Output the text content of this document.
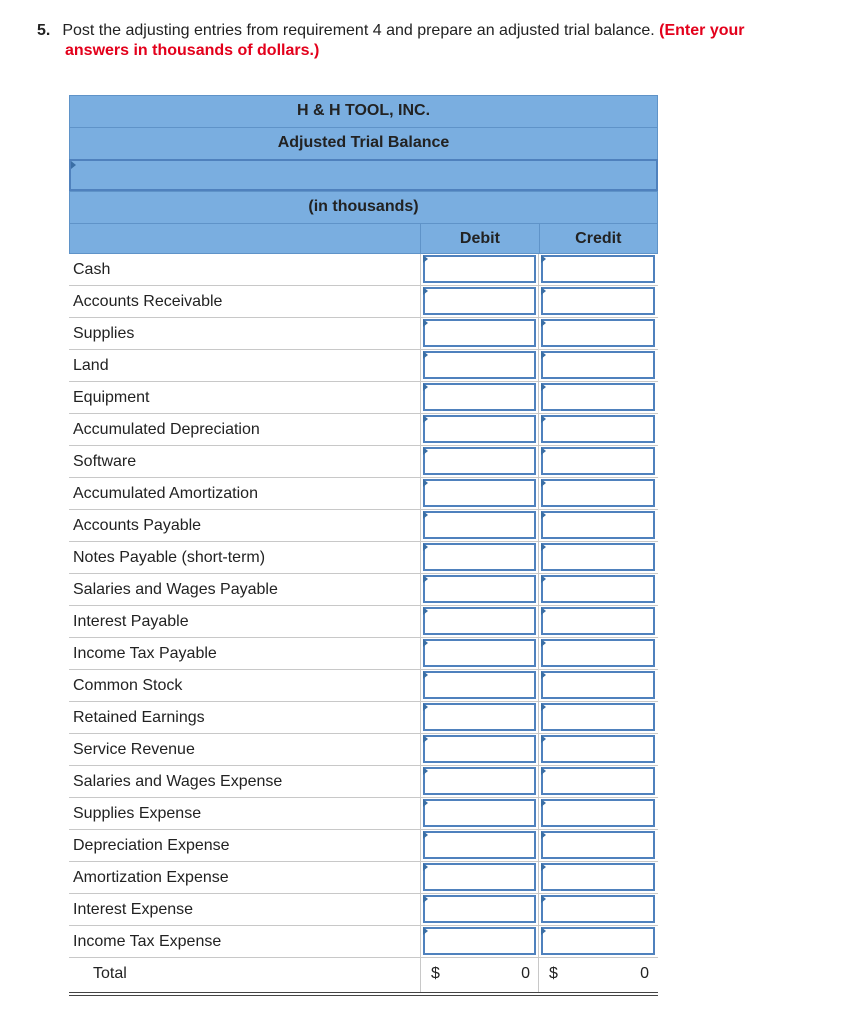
5. Post the adjusting entries from requirement 4 and prepare an adjusted trial balance. (Enter your
answers in thousands of dollars.)
H & H TOOL, INC.
Adjusted Trial Balance
(in thousands)
Debit	Credit
Cash
Accounts Receivable
Supplies
Land
Equipment
Accumulated Depreciation
Software
Accumulated Amortization
Accounts Payable
Notes Payable (short-term)
Salaries and Wages Payable
Interest Payable
Income Tax Payable
Common Stock
Retained Earnings
Service Revenue
Salaries and Wages Expense
Supplies Expense
Depreciation Expense
Amortization Expense
Interest Expense
Income Tax Expense
Total	$	0 $	0
